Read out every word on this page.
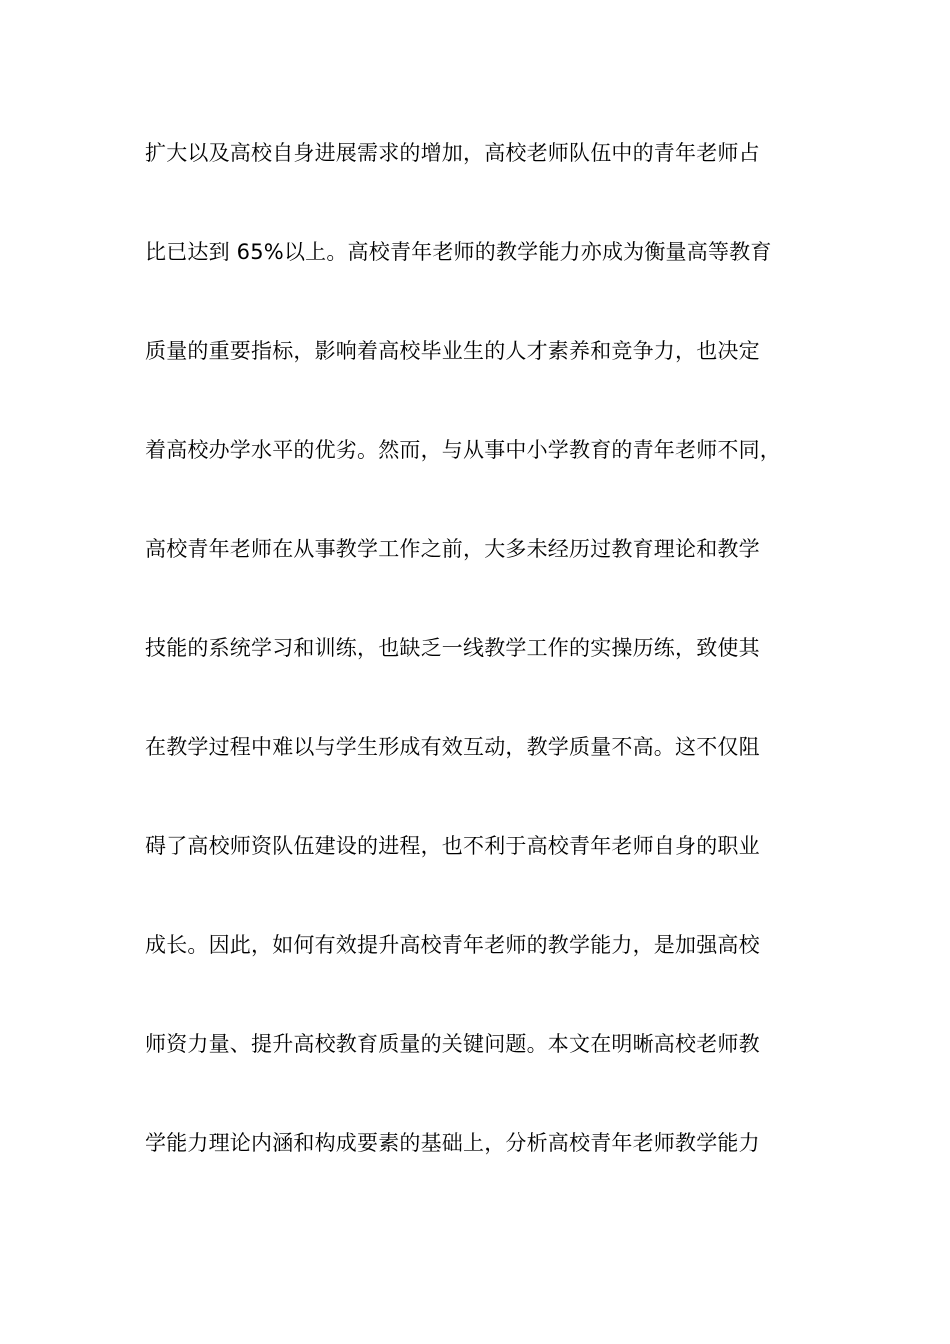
扩大以及高校自身进展需求的增加，高校老师队伍中的青年老师占
比已达到 65%以上。高校青年老师的教学能力亦成为衡量高等教育
质量的重要指标，影响着高校毕业生的人才素养和竞争力，也决定
着高校办学水平的优劣。然而，与从事中小学教育的青年老师不同，
高校青年老师在从事教学工作之前，大多未经历过教育理论和教学
技能的系统学习和训练，也缺乏一线教学工作的实操历练，致使其
在教学过程中难以与学生形成有效互动，教学质量不高。这不仅阻
碍了高校师资队伍建设的进程，也不利于高校青年老师自身的职业
成长。因此，如何有效提升高校青年老师的教学能力，是加强高校
师资力量、提升高校教育质量的关键问题。本文在明晰高校老师教
学能力理论内涵和构成要素的基础上，分析高校青年老师教学能力
